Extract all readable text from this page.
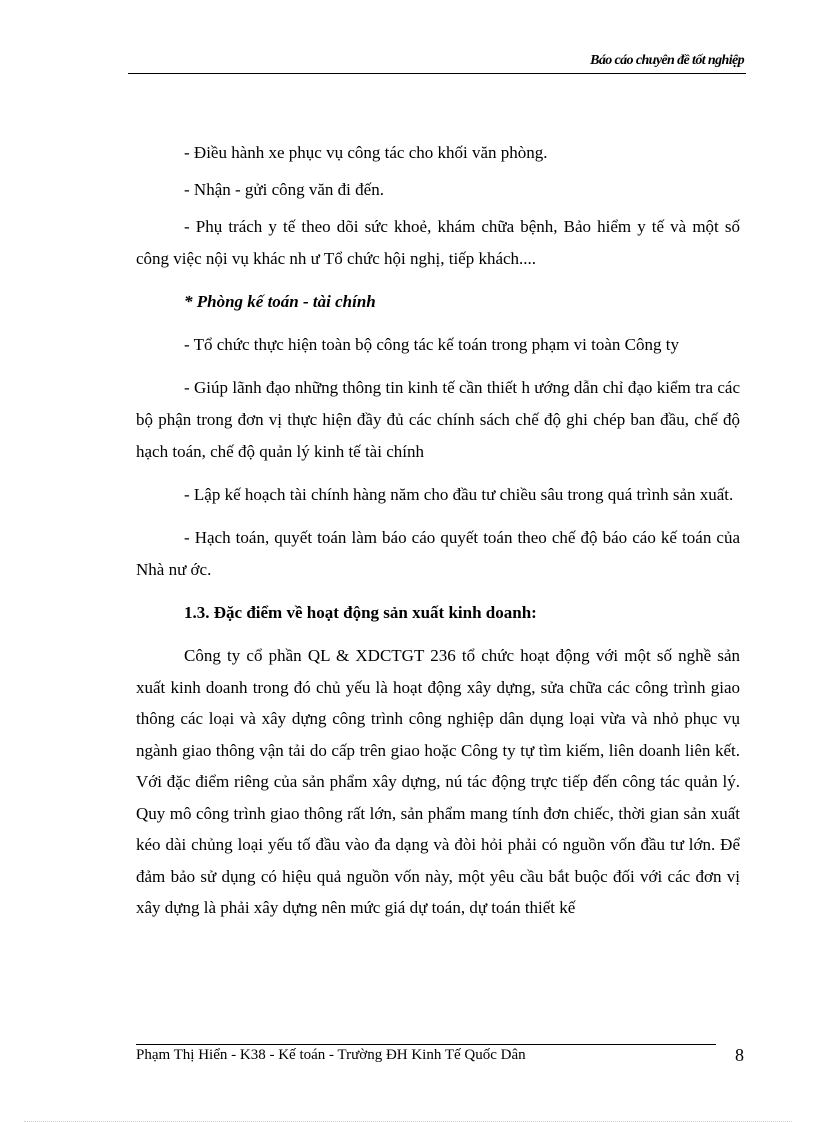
Báo cáo chuyên đề tốt nghiệp

- Điều hành xe phục vụ công tác cho khối văn phòng.

- Nhận - gửi công văn đi đến.

- Phụ trách y tế theo dõi sức khoẻ, khám chữa bệnh, Bảo hiểm y tế và một số công việc nội vụ khác nh ư Tổ chức hội nghị, tiếp khách....

* Phòng kế toán - tài chính

- Tổ chức thực hiện toàn bộ công tác kế toán trong phạm vi toàn Công ty

- Giúp lãnh đạo những thông tin kinh tế cần thiết h ướng dẫn chỉ đạo kiểm tra các bộ phận trong đơn vị thực hiện đầy đủ các chính sách chế độ ghi chép ban đầu, chế độ hạch toán, chế độ quản lý kinh tế tài chính

- Lập kế hoạch tài chính hàng năm cho đầu tư chiều sâu trong quá trình sản xuất.

- Hạch toán, quyết toán làm báo cáo quyết toán theo chế độ báo cáo kế toán của Nhà nư ớc.

1.3. Đặc điểm về hoạt động sản xuất kinh doanh:

Công ty cổ phần QL & XDCTGT 236 tổ chức hoạt động với một số nghề sản xuất kinh doanh trong đó chủ yếu là hoạt động xây dựng, sửa chữa các công trình giao thông các loại và xây dựng công trình công nghiệp dân dụng loại vừa và nhỏ phục vụ ngành giao thông vận tải do cấp trên giao hoặc Công ty tự tìm kiếm, liên doanh liên kết. Với đặc điểm riêng của sản phẩm xây dựng, nú tác động trực tiếp đến công tác quản lý. Quy mô công trình giao thông rất lớn, sản phẩm mang tính đơn chiếc, thời gian sản xuất kéo dài chủng loại yếu tố đầu vào đa dạng và đòi hỏi phải có nguồn vốn đầu tư lớn. Để đảm bảo sử dụng có hiệu quả nguồn vốn này, một yêu cầu bắt buộc đối với các đơn vị xây dựng là phải xây dựng nên mức giá dự toán, dự toán thiết kế

Phạm Thị Hiển - K38 - Kế toán - Trường ĐH Kinh Tế Quốc Dân	8
